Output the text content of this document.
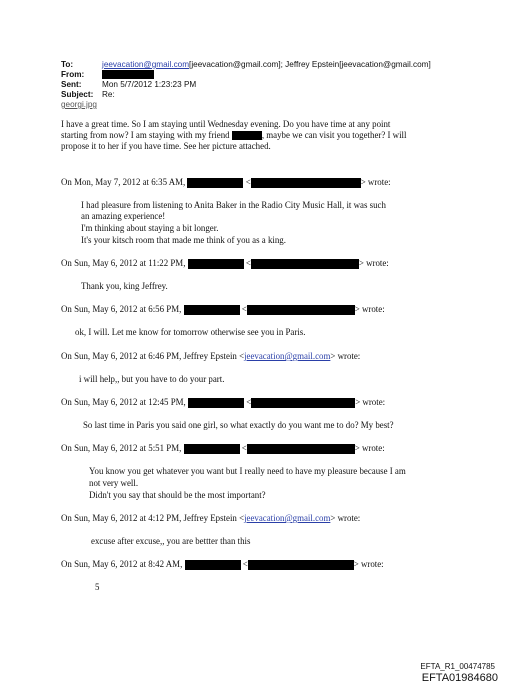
To:	jeevacation@gmail.com[jeevacation@gmail.com]; Jeffrey Epstein[jeevacation@gmail.com]
From:
Sent:	Mon 5/7/2012 1:23:23 PM
Subject: Re:
georgi.jpg
I have a great time. So I am staying until Wednesday evening. Do you have time at any point
starting from now? I am staying with my friend	, maybe we can visit you together? I will
propose it to her if you have time. See her picture attached.
On Mon, May 7, 2012 at 6:35 AM,	<	> wrote:
I had pleasure from listening to Anita Baker in the Radio City Music Hall, it was such
an amazing experience!
I'm thinking about staying a bit longer.
It's your kitsch room that made me think of you as a king.
On Sun, May 6, 2012 at 11:22 PM,	<	> wrote:
Thank you, king Jeffrey.
On Sun, May 6, 2012 at 6:56 PM,	<	> wrote:
ok, I will. Let me know for tomorrow otherwise see you in Paris.
On Sun, May 6, 2012 at 6:46 PM, Jeffrey Epstein <jeevacation@gmail.com> wrote:
i will help,, but you have to do your part.
On Sun, May 6, 2012 at 12:45 PM,	<	> wrote:
So last time in Paris you said one girl, so what exactly do you want me to do? My best?
On Sun, May 6, 2012 at 5:51 PM,	<	> wrote:
You know you get whatever you want but I really need to have my pleasure because I am
not very well.
Didn't you say that should be the most important?
On Sun, May 6, 2012 at 4:12 PM, Jeffrey Epstein <jeevacation@gmail.com> wrote:
excuse after excuse,, you are bettter than this
On Sun, May 6, 2012 at 8:42 AM,	<	> wrote:
5
EFTA_R1_00474785
EFTA01984680
